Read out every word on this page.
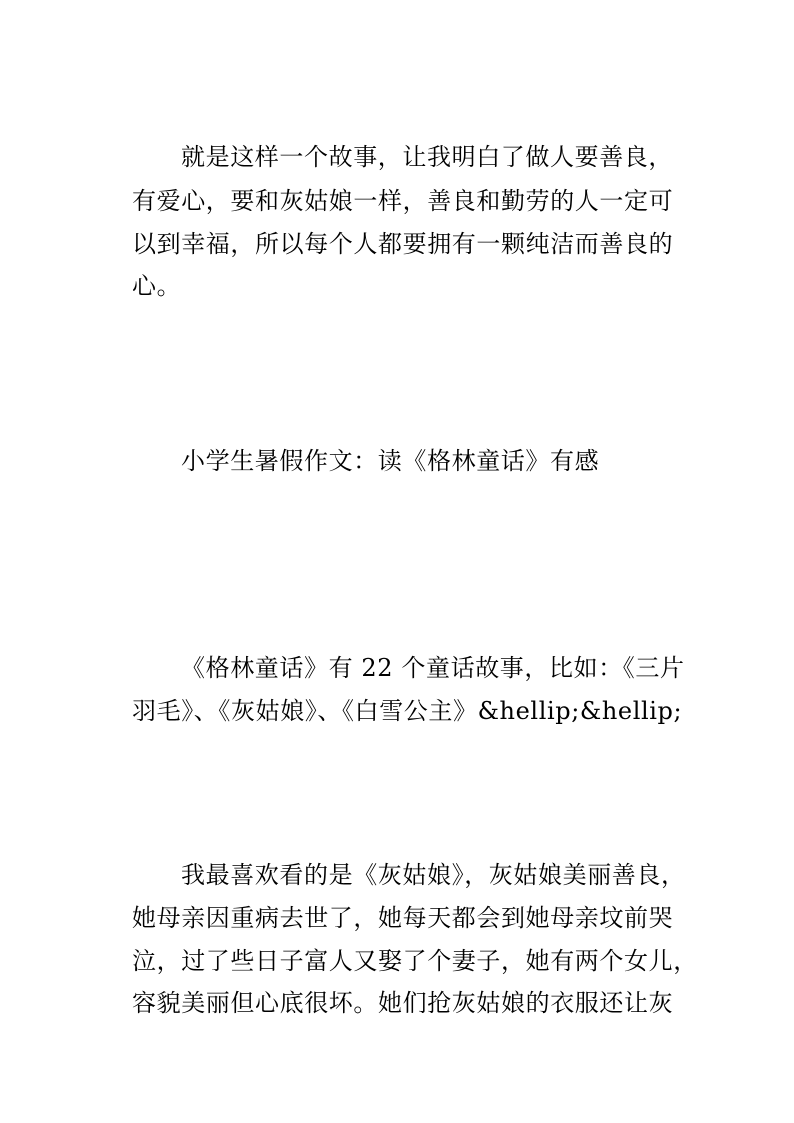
就是这样一个故事，让我明白了做人要善良，
有爱心，要和灰姑娘一样，善良和勤劳的人一定可
以到幸福，所以每个人都要拥有一颗纯洁而善良的
心。
小学生暑假作文：读《格林童话》有感
《格林童话》有 22 个童话故事，比如：《三片
羽毛》、《灰姑娘》、《白雪公主》&hellip;&hellip;
我最喜欢看的是《灰姑娘》，灰姑娘美丽善良，
她母亲因重病去世了，她每天都会到她母亲坟前哭
泣，过了些日子富人又娶了个妻子，她有两个女儿，
容貌美丽但心底很坏。她们抢灰姑娘的衣服还让灰
